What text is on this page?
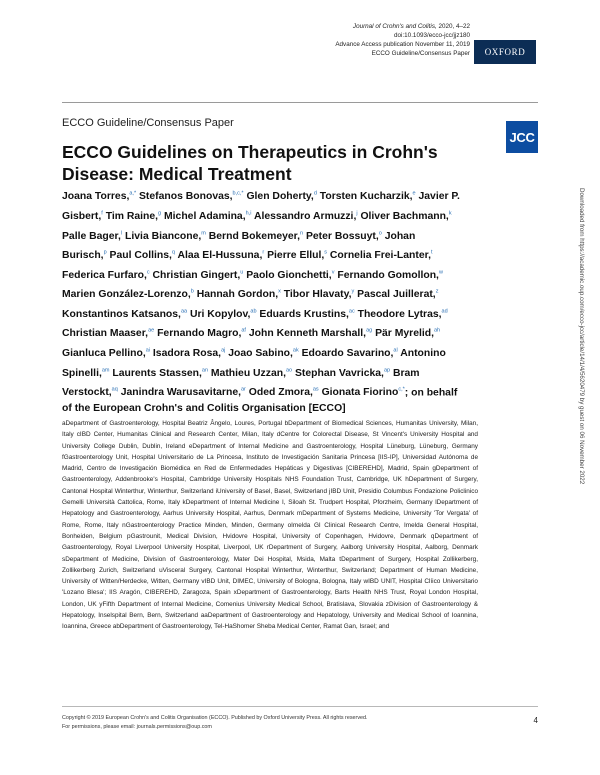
Journal of Crohn's and Colitis, 2020, 4–22
doi:10.1093/ecco-jcc/jjz180
Advance Access publication November 11, 2019
ECCO Guideline/Consensus Paper	OXFORD
ECCO Guideline/Consensus Paper
JCC
ECCO Guidelines on Therapeutics in Crohn's Disease: Medical Treatment

Joana Torres,$^{a,*}$ Stefanos Bonovas,$^{b,c,*}$ Glen Doherty,$^d$ Torsten Kucharzik,$^e$ Javier P. Gisbert,$^f$ Tim Raine,$^g$ Michel Adamina,$^{h,i}$ Alessandro Armuzzi,$^j$ Oliver Bachmann,$^k$ Palle Bager,$^l$ Livia Biancone,$^m$ Bernd Bokemeyer,$^n$ Peter Bossuyt,$^o$ Johan Burisch,$^p$ Paul Collins,$^q$ Alaa El-Hussuna,$^r$ Pierre Ellul,$^s$ Cornelia Frei-Lanter,$^t$ Federica Furfaro,$^c$ Christian Gingert,$^u$ Paolo Gionchetti,$^v$ Fernando Gomollon,$^w$ Marien González-Lorenzo,$^b$ Hannah Gordon,$^x$ Tibor Hlavaty,$^y$ Pascal Juillerat,$^z$ Konstantinos Katsanos,$^{aa}$ Uri Kopylov,$^{ab}$ Eduards Krustins,$^{ac}$ Theodore Lytras,$^{ad}$ Christian Maaser,$^{ae}$ Fernando Magro,$^{af}$ John Kenneth Marshall,$^{ag}$ Pär Myrelid,$^{ah}$ Gianluca Pellino,$^{ai}$ Isadora Rosa,$^{aj}$ Joao Sabino,$^{ak}$ Edoardo Savarino,$^{al}$ Antonino Spinelli,$^{am}$ Laurents Stassen,$^{an}$ Mathieu Uzzan,$^{ao}$ Stephan Vavricka,$^{ap}$ Bram Verstockt,$^{aq}$ Janindra Warusavitarne,$^{ar}$ Oded Zmora,$^{as}$ Gionata Fiorino$^{c,*}$; on behalf of the European Crohn's and Colitis Organisation [ECCO]

aDepartment of Gastroenterology, Hospital Beatriz Ângelo, Loures, Portugal bDepartment of Biomedical Sciences, Humanitas University, Milan, Italy cIBD Center, Humanitas Clinical and Research Center, Milan, Italy dCentre for Colorectal Disease, St Vincent's University Hospital and University College Dublin, Dublin, Ireland eDepartment of Internal Medicine and Gastroenterology, Hospital Lüneburg, Lüneburg, Germany fGastroenterology Unit, Hospital Universitario de La Princesa, Instituto de Investigación Sanitaria Princesa [IIS-IP], Universidad Autónoma de Madrid, Centro de Investigación Biomédica en Red de Enfermedades Hepáticas y Digestivas [CIBEREHD], Madrid, Spain gDepartment of Gastroenterology, Addenbrooke's Hospital, Cambridge University Hospitals NHS Foundation Trust, Cambridge, UK hDepartment of Surgery, Cantonal Hospital Winterthur, Winterthur, Switzerland iUniversity of Basel, Basel, Switzerland jIBD Unit, Presidio Columbus Fondazione Policlinico Gemelli Università Cattolica, Rome, Italy kDepartment of Internal Medicine I, Siloah St. Trudpert Hospital, Pforzheim, Germany lDepartment of Hepatology and Gastroenterology, Aarhus University Hospital, Aarhus, Denmark mDepartment of Systems Medicine, University 'Tor Vergata' of Rome, Rome, Italy nGastroenterology Practice Minden, Minden, Germany oImelda GI Clinical Research Centre, Imelda General Hospital, Bonheiden, Belgium pGastrounit, Medical Division, Hvidovre Hospital, University of Copenhagen, Hvidovre, Denmark qDepartment of Gastroenterology, Royal Liverpool University Hospital, Liverpool, UK rDepartment of Surgery, Aalborg University Hospital, Aalborg, Denmark sDepartment of Medicine, Division of Gastroenterology, Mater Dei Hospital, Msida, Malta tDepartment of Surgery, Hospital Zollikerberg, Zollikerberg Zurich, Switzerland uVisceral Surgery, Cantonal Hospital Winterthur, Winterthur, Switzerland; Department of Human Medicine, University of Witten/Herdecke, Witten, Germany vIBD Unit, DIMEC, University of Bologna, Bologna, Italy wIBD UNIT, Hospital Clíico Universitario 'Lozano Blesa'; IIS Aragón, CIBEREHD, Zaragoza, Spain xDepartment of Gastroenterology, Barts Health NHS Trust, Royal London Hospital, London, UK yFifth Department of Internal Medicine, Comenius University Medical School, Bratislava, Slovakia zDivision of Gastroenterology & Hepatology, Inselspital Bern, Bern, Switzerland aaDepartment of Gastroenterology and Hepatology, University and Medical School of Ioannina, Ioannina, Greece abDepartment of Gastroenterology, Tel-HaShomer Sheba Medical Center, Ramat Gan, Israel; and

Downloaded from https://academic.oup.com/ecco-jcc/article/14/1/4/5620479 by guest on 06 November 2022
Copyright © 2019 European Crohn's and Colitis Organisation (ECCO). Published by Oxford University Press. All rights reserved.
For permissions, please email: journals.permissions@oup.com
4
